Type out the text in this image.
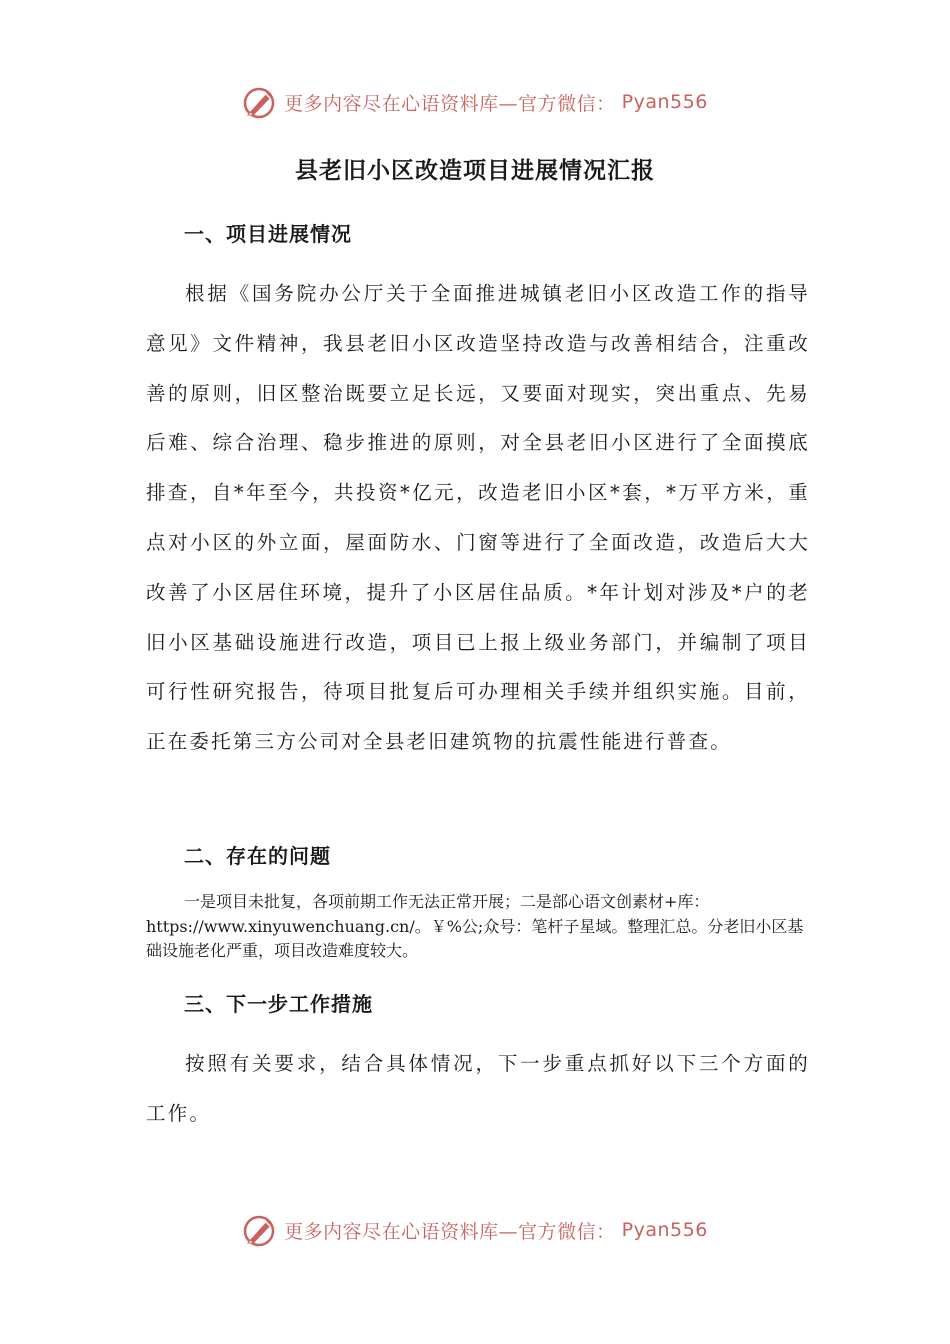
更多内容尽在心语资料库—官方微信： Pyan556
县老旧小区改造项目进展情况汇报
一、项目进展情况

根据《国务院办公厅关于全面推进城镇老旧小区改造工作的指导意见》文件精神，我县老旧小区改造坚持改造与改善相结合，注重改善的原则，旧区整治既要立足长远，又要面对现实，突出重点、先易后难、综合治理、稳步推进的原则，对全县老旧小区进行了全面摸底排查，自*年至今，共投资*亿元，改造老旧小区*套，*万平方米，重点对小区的外立面，屋面防水、门窗等进行了全面改造，改造后大大改善了小区居住环境，提升了小区居住品质。*年计划对涉及*户的老旧小区基础设施进行改造，项目已上报上级业务部门，并编制了项目可行性研究报告，待项目批复后可办理相关手续并组织实施。目前，正在委托第三方公司对全县老旧建筑物的抗震性能进行普查。

二、存在的问题

一是项目未批复，各项前期工作无法正常开展；二是部心语文创素材+库：https://www.xinyuwenchuang.cn/。￥%公;众号：笔杆子星域。整理汇总。分老旧小区基础设施老化严重，项目改造难度较大。

三、下一步工作措施

按照有关要求，结合具体情况，下一步重点抓好以下三个方面的工作。

更多内容尽在心语资料库—官方微信： Pyan556
